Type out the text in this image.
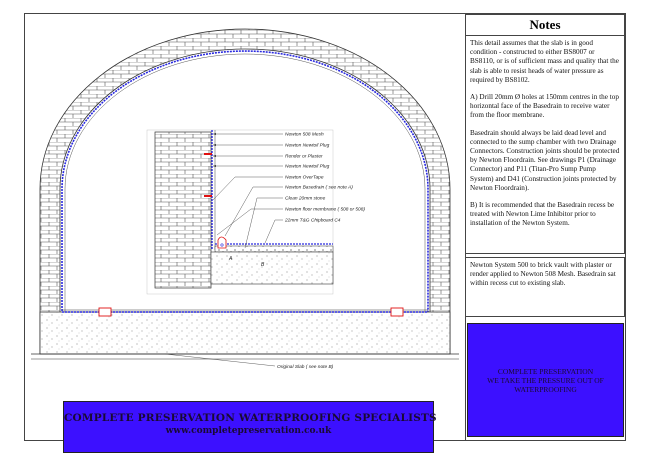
A
B
Newton 508 Mesh
Newton Newtoil Plug
Render or Plaster
Newton Newtoil Plug
Newton OverTape
Newton Basedrain ( see note A)
Clean 20mm stone
Newton floor membrane ( 508 or 508)
22mm T&G Chipboard C4
Original Slab ( see note B)
COMPLETE PRESERVATION WATERPROOFING SPECIALISTS
www.completepreservation.co.uk
Notes

This detail assumes that the slab is in good condition - constructed to either BS8007 or BS8110, or is of sufficient mass and quality that the slab is able to resist heads of water pressure as required by BS8102.

A) Drill 20mm Ø holes at 150mm centres in the top horizontal face of the Basedrain to receive water from the floor membrane.

Basedrain should always be laid dead level and connected to the sump chamber with two Drainage Connectors. Construction joints should be protected by Newton Floordrain. See drawings P1 (Drainage Connector) and P11 (Titan-Pro Sump Pump System) and D41 (Construction joints protected by Newton Floordrain).

B) It is recommended that the Basedrain recess be treated with Newton Lime Inhibitor prior to installation of the Newton System.

Newton System 500 to brick vault with plaster or render applied to Newton 508 Mesh. Basedrain sat within recess cut to existing slab.

COMPLETE PRESERVATION
WE TAKE THE PRESSURE OUT OF WATERPROOFING
